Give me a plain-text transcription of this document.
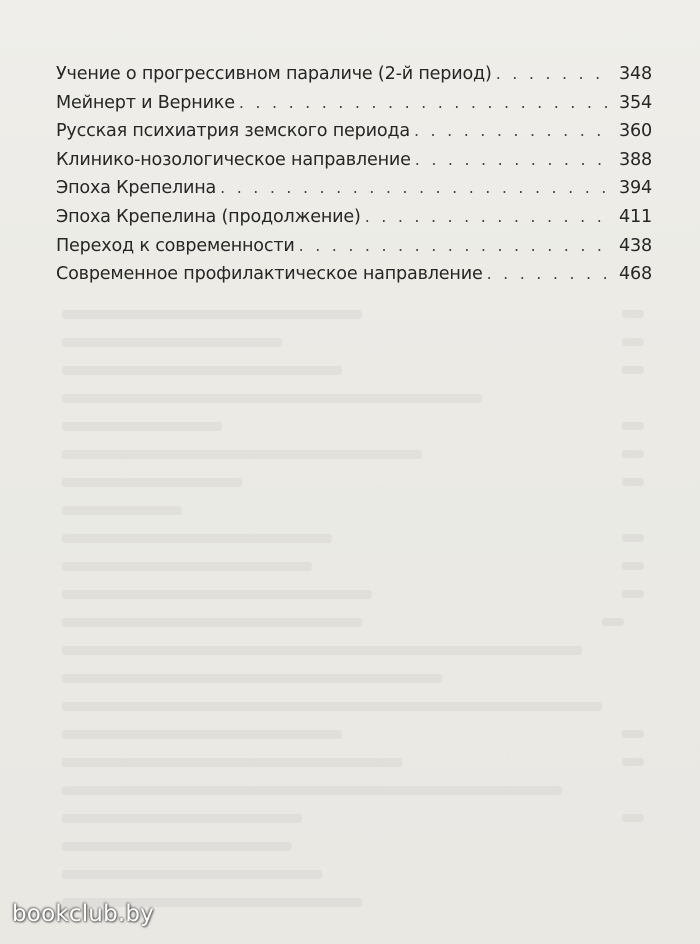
Учение о прогрессивном параличе (2-й период) . . .	348
Мейнерт и Вернике . . .	354
Русская психиатрия земского периода . . .	360
Клинико-нозологическое направление . . .	388
Эпоха Крепелина . . .	394
Эпоха Крепелина (продолжение) . . .	411
Переход к современности . . .	438
Современное профилактическое направление . . .	468
bookclub.by
